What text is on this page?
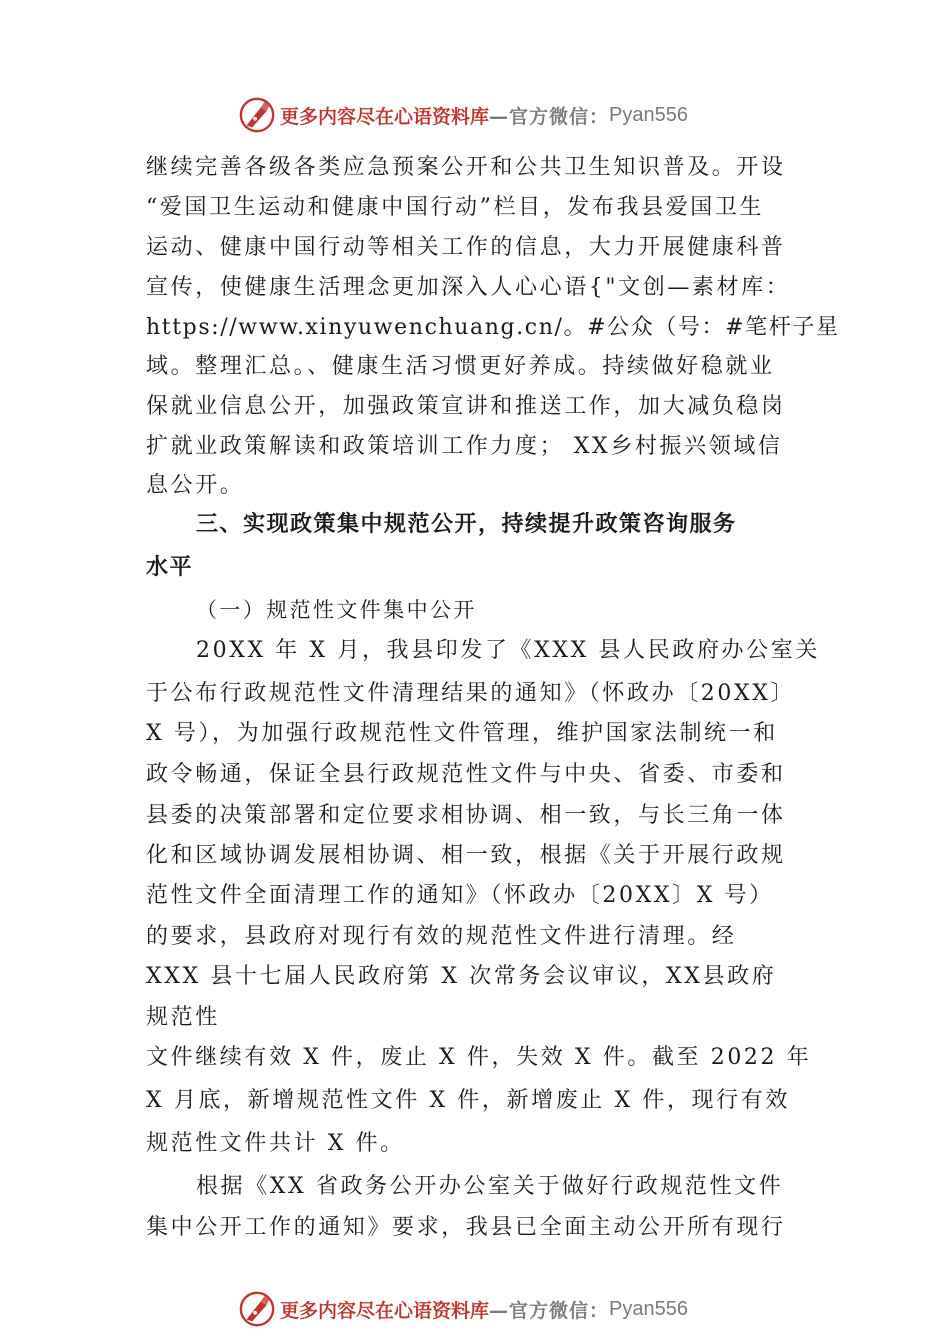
更多内容尽在心语资料库 —官方微信： Pyan556
继续完善各级各类应急预案公开和公共卫生知识普及。开设
“爱国卫生运动和健康中国行动”栏目，发布我县爱国卫生
运动、健康中国行动等相关工作的信息，大力开展健康科普
宣传，使健康生活理念更加深入人心心语{"文创—素材库：
https://www.xinyuwenchuang.cn/。#公众（号：#笔杆子星
域。整理汇总。、健康生活习惯更好养成。持续做好稳就业
保就业信息公开，加强政策宣讲和推送工作，加大减负稳岗
扩就业政策解读和政策培训工作力度； XX乡村振兴领域信
息公开。
三、实现政策集中规范公开，持续提升政策咨询服务
水平
（一）规范性文件集中公开
20XX 年 X 月，我县印发了《XXX 县人民政府办公室关
于公布行政规范性文件清理结果的通知》（怀政办〔20XX〕
X 号），为加强行政规范性文件管理，维护国家法制统一和
政令畅通，保证全县行政规范性文件与中央、省委、市委和
县委的决策部署和定位要求相协调、相一致，与长三角一体
化和区域协调发展相协调、相一致，根据《关于开展行政规
范性文件全面清理工作的通知》（怀政办〔20XX〕X 号）
的要求，县政府对现行有效的规范性文件进行清理。经
XXX 县十七届人民政府第 X 次常务会议审议，XX县政府
规范性
文件继续有效 X 件，废止 X 件，失效 X 件。截至 2022 年
X 月底，新增规范性文件 X 件，新增废止 X 件，现行有效
规范性文件共计 X 件。
根据《XX 省政务公开办公室关于做好行政规范性文件
集中公开工作的通知》要求，我县已全面主动公开所有现行
更多内容尽在心语资料库 —官方微信： Pyan556
